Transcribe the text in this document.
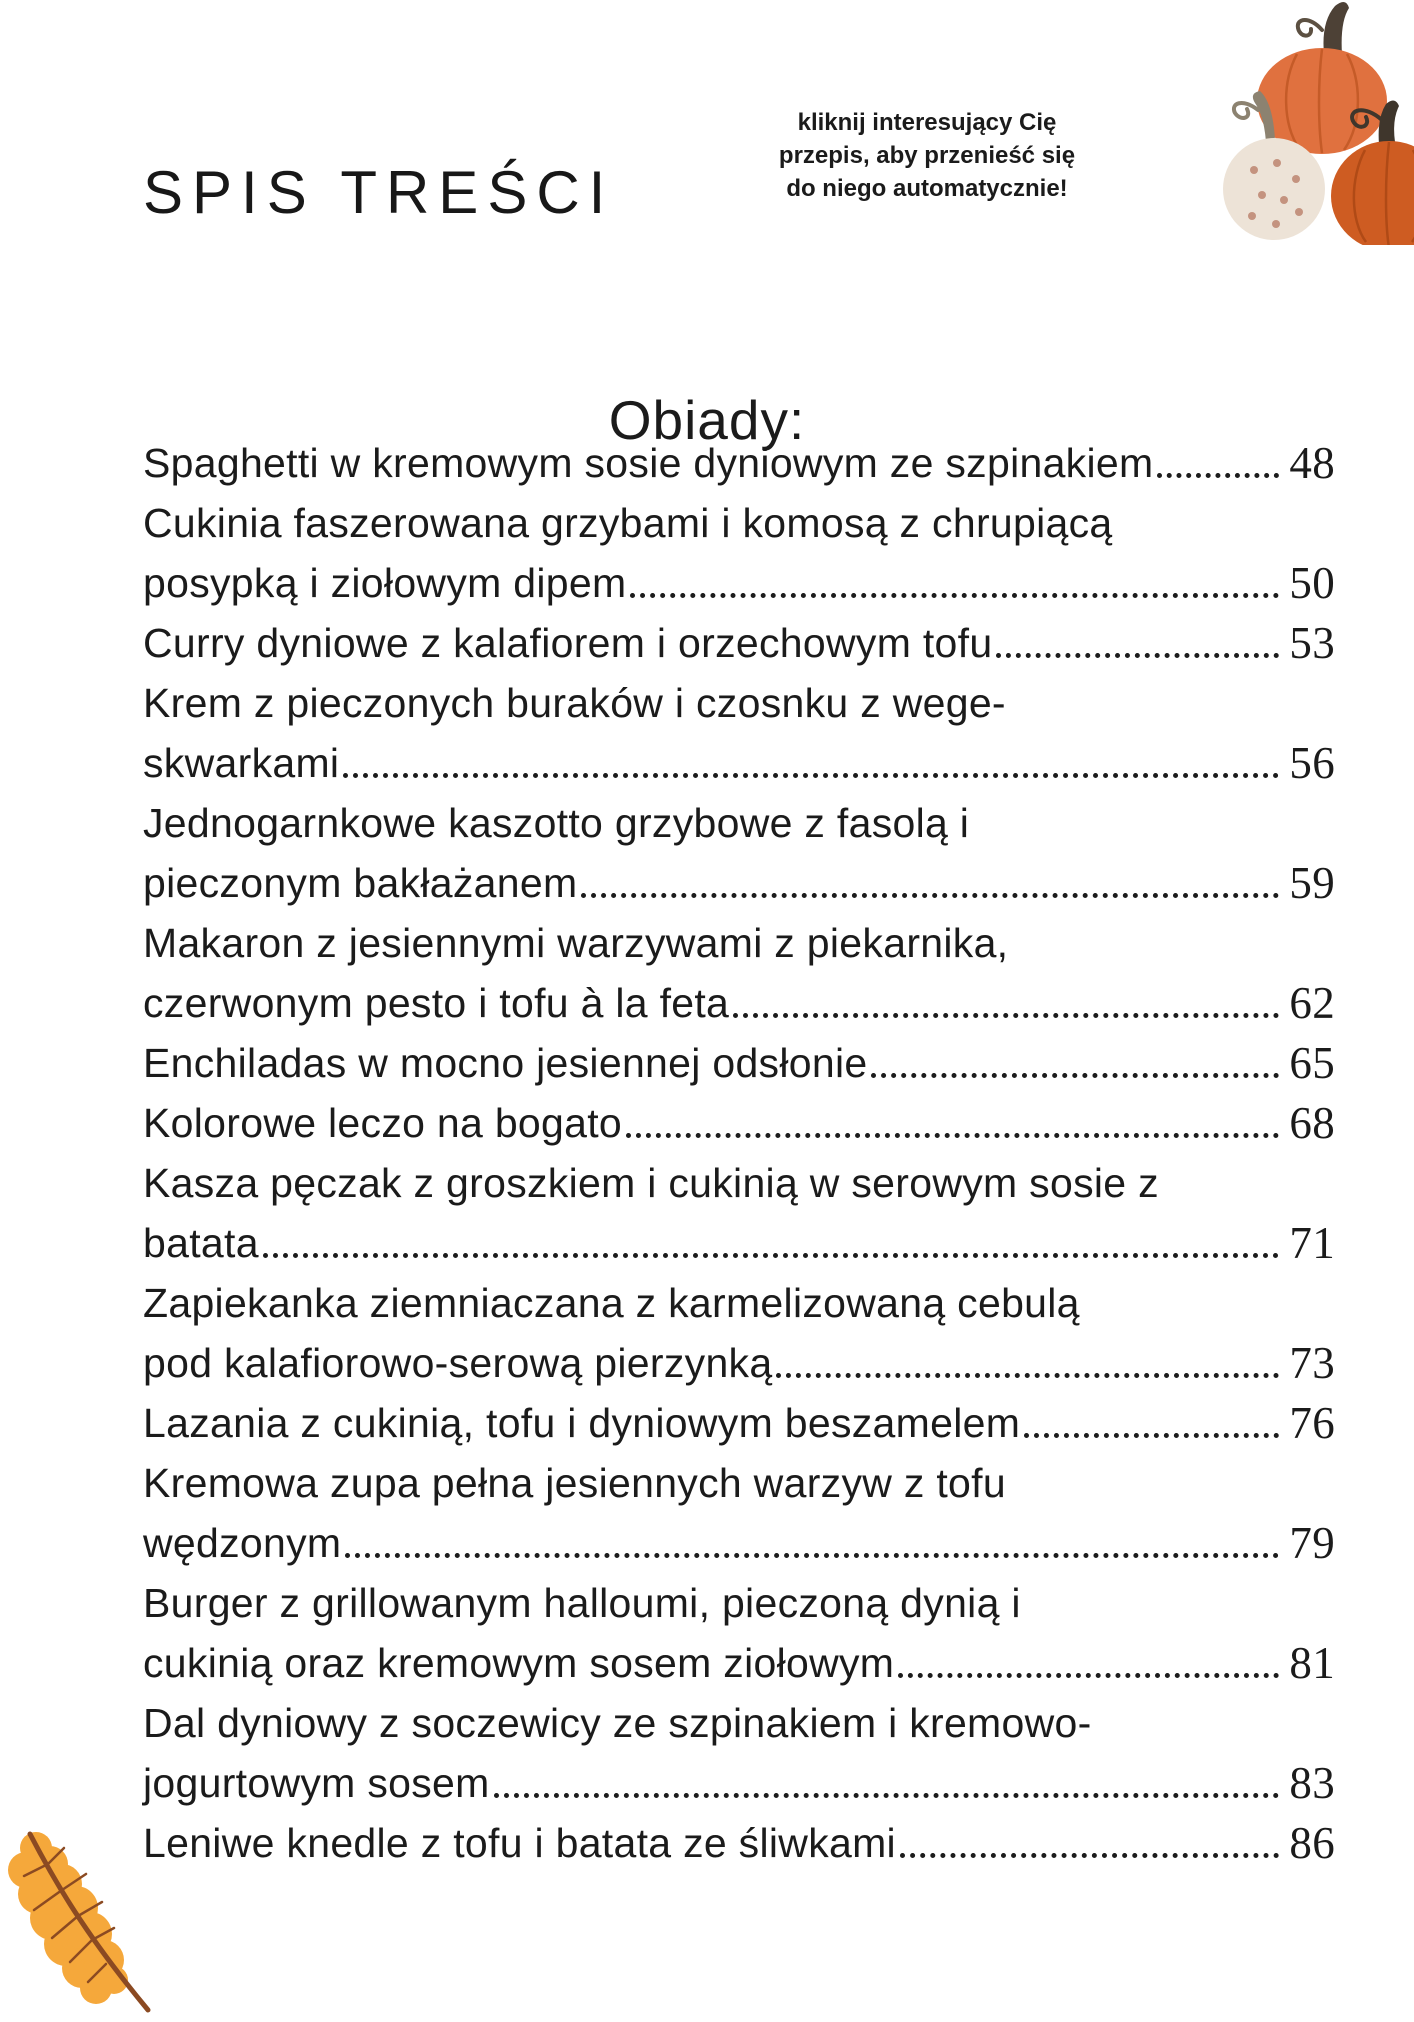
SPIS TREŚCI
kliknij interesujący Cię
przepis, aby przenieść się
do niego automatycznie!
Obiady:
Spaghetti w kremowym sosie dyniowym ze szpinakiem	48
Cukinia faszerowana grzybami i komosą z chrupiącą
posypką i ziołowym dipem	50
Curry dyniowe z kalafiorem i orzechowym tofu	53
Krem z pieczonych buraków i czosnku z wege-
skwarkami	56
Jednogarnkowe kaszotto grzybowe z fasolą i
pieczonym bakłażanem	59
Makaron z jesiennymi warzywami z piekarnika,
czerwonym pesto i tofu à la feta	62
Enchiladas w mocno jesiennej odsłonie	65
Kolorowe leczo na bogato	68
Kasza pęczak z groszkiem i cukinią w serowym sosie z
batata	71
Zapiekanka ziemniaczana z karmelizowaną cebulą
pod kalafiorowo-serową pierzynką	73
Lazania z cukinią, tofu i dyniowym beszamelem	76
Kremowa zupa pełna jesiennych warzyw z tofu
wędzonym	79
Burger z grillowanym halloumi, pieczoną dynią i
cukinią oraz kremowym sosem ziołowym	81
Dal dyniowy z soczewicy ze szpinakiem i kremowo-
jogurtowym sosem	83
Leniwe knedle z tofu i batata ze śliwkami	86
